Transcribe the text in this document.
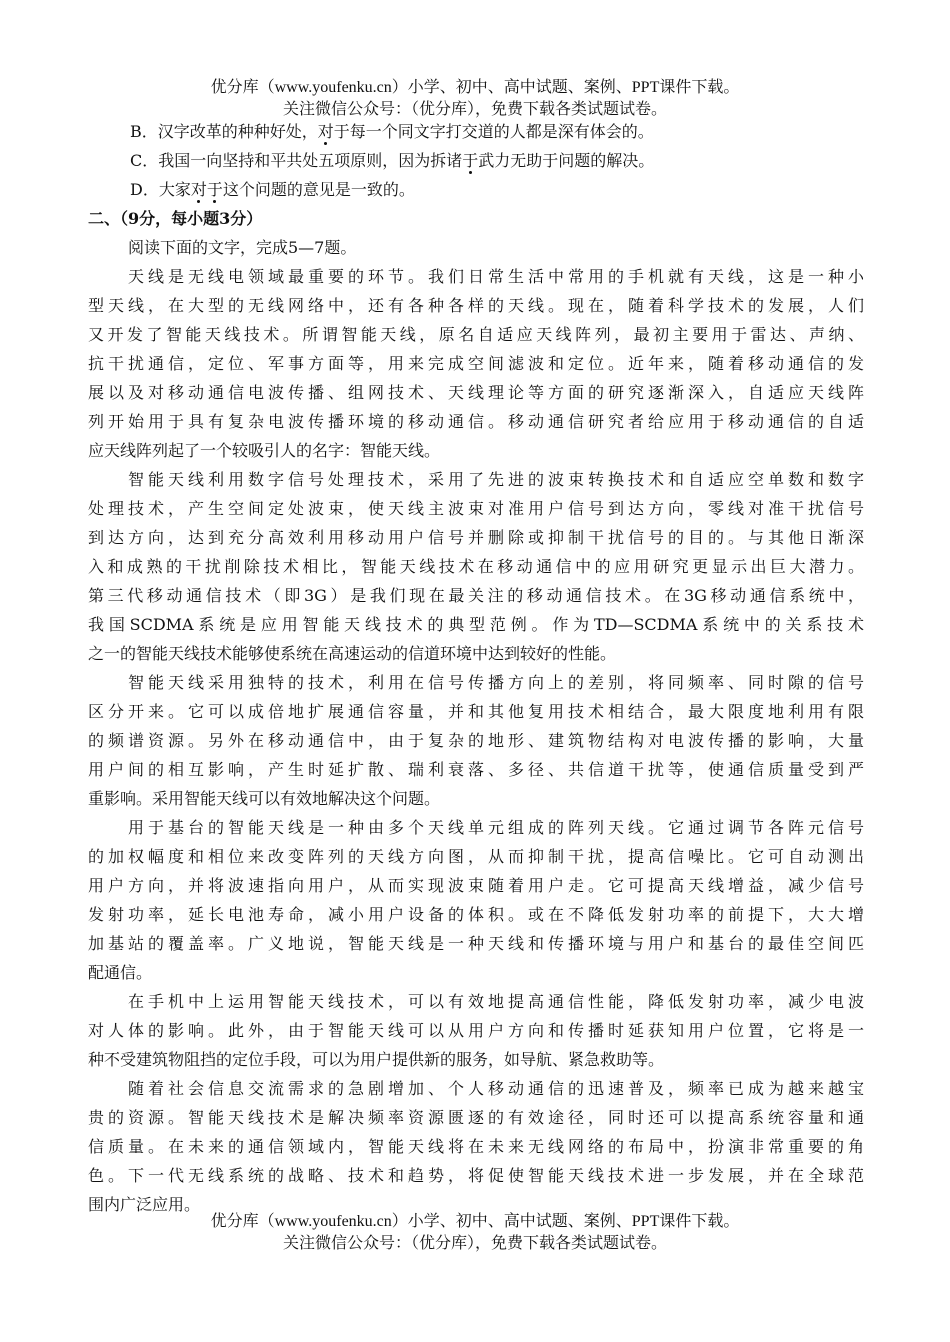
优分库（www.youfenku.cn）小学、初中、高中试题、案例、PPT课件下载。
关注微信公众号：（优分库），免费下载各类试题试卷。
B．汉字改革的种种好处，对于每一个同文字打交道的人都是深有体会的。
C．我国一向坚持和平共处五项原则，因为拆诸于武力无助于问题的解决。
D．大家对于这个问题的意见是一致的。
二、（9分，每小题3分）
阅读下面的文字，完成5—7题。
天线是无线电领域最重要的环节。我们日常生活中常用的手机就有天线，这是一种小
型天线，在大型的无线网络中，还有各种各样的天线。现在，随着科学技术的发展，人们
又开发了智能天线技术。所谓智能天线，原名自适应天线阵列，最初主要用于雷达、声纳、
抗干扰通信，定位、军事方面等，用来完成空间滤波和定位。近年来，随着移动通信的发
展以及对移动通信电波传播、组网技术、天线理论等方面的研究逐渐深入，自适应天线阵
列开始用于具有复杂电波传播环境的移动通信。移动通信研究者给应用于移动通信的自适
应天线阵列起了一个较吸引人的名字：智能天线。
智能天线利用数字信号处理技术，采用了先进的波束转换技术和自适应空单数和数字
处理技术，产生空间定处波束，使天线主波束对准用户信号到达方向，零线对准干扰信号
到达方向，达到充分高效利用移动用户信号并删除或抑制干扰信号的目的。与其他日渐深
入和成熟的干扰削除技术相比，智能天线技术在移动通信中的应用研究更显示出巨大潜力。
第三代移动通信技术（即3G）是我们现在最关注的移动通信技术。在3G移动通信系统中，
我国SCDMA系统是应用智能天线技术的典型范例。作为TD—SCDMA系统中的关系技术
之一的智能天线技术能够使系统在高速运动的信道环境中达到较好的性能。
智能天线采用独特的技术，利用在信号传播方向上的差别，将同频率、同时隙的信号
区分开来。它可以成倍地扩展通信容量，并和其他复用技术相结合，最大限度地利用有限
的频谱资源。另外在移动通信中，由于复杂的地形、建筑物结构对电波传播的影响，大量
用户间的相互影响，产生时延扩散、瑞利衰落、多径、共信道干扰等，使通信质量受到严
重影响。采用智能天线可以有效地解决这个问题。
用于基台的智能天线是一种由多个天线单元组成的阵列天线。它通过调节各阵元信号
的加权幅度和相位来改变阵列的天线方向图，从而抑制干扰，提高信噪比。它可自动测出
用户方向，并将波速指向用户，从而实现波束随着用户走。它可提高天线增益，减少信号
发射功率，延长电池寿命，减小用户设备的体积。或在不降低发射功率的前提下，大大增
加基站的覆盖率。广义地说，智能天线是一种天线和传播环境与用户和基台的最佳空间匹
配通信。
在手机中上运用智能天线技术，可以有效地提高通信性能，降低发射功率，减少电波
对人体的影响。此外，由于智能天线可以从用户方向和传播时延获知用户位置，它将是一
种不受建筑物阻挡的定位手段，可以为用户提供新的服务，如导航、紧急救助等。
随着社会信息交流需求的急剧增加、个人移动通信的迅速普及，频率已成为越来越宝
贵的资源。智能天线技术是解决频率资源匮逐的有效途径，同时还可以提高系统容量和通
信质量。在未来的通信领域内，智能天线将在未来无线网络的布局中，扮演非常重要的角
色。下一代无线系统的战略、技术和趋势，将促使智能天线技术进一步发展，并在全球范
围内广泛应用。
优分库（www.youfenku.cn）小学、初中、高中试题、案例、PPT课件下载。
关注微信公众号：（优分库），免费下载各类试题试卷。
